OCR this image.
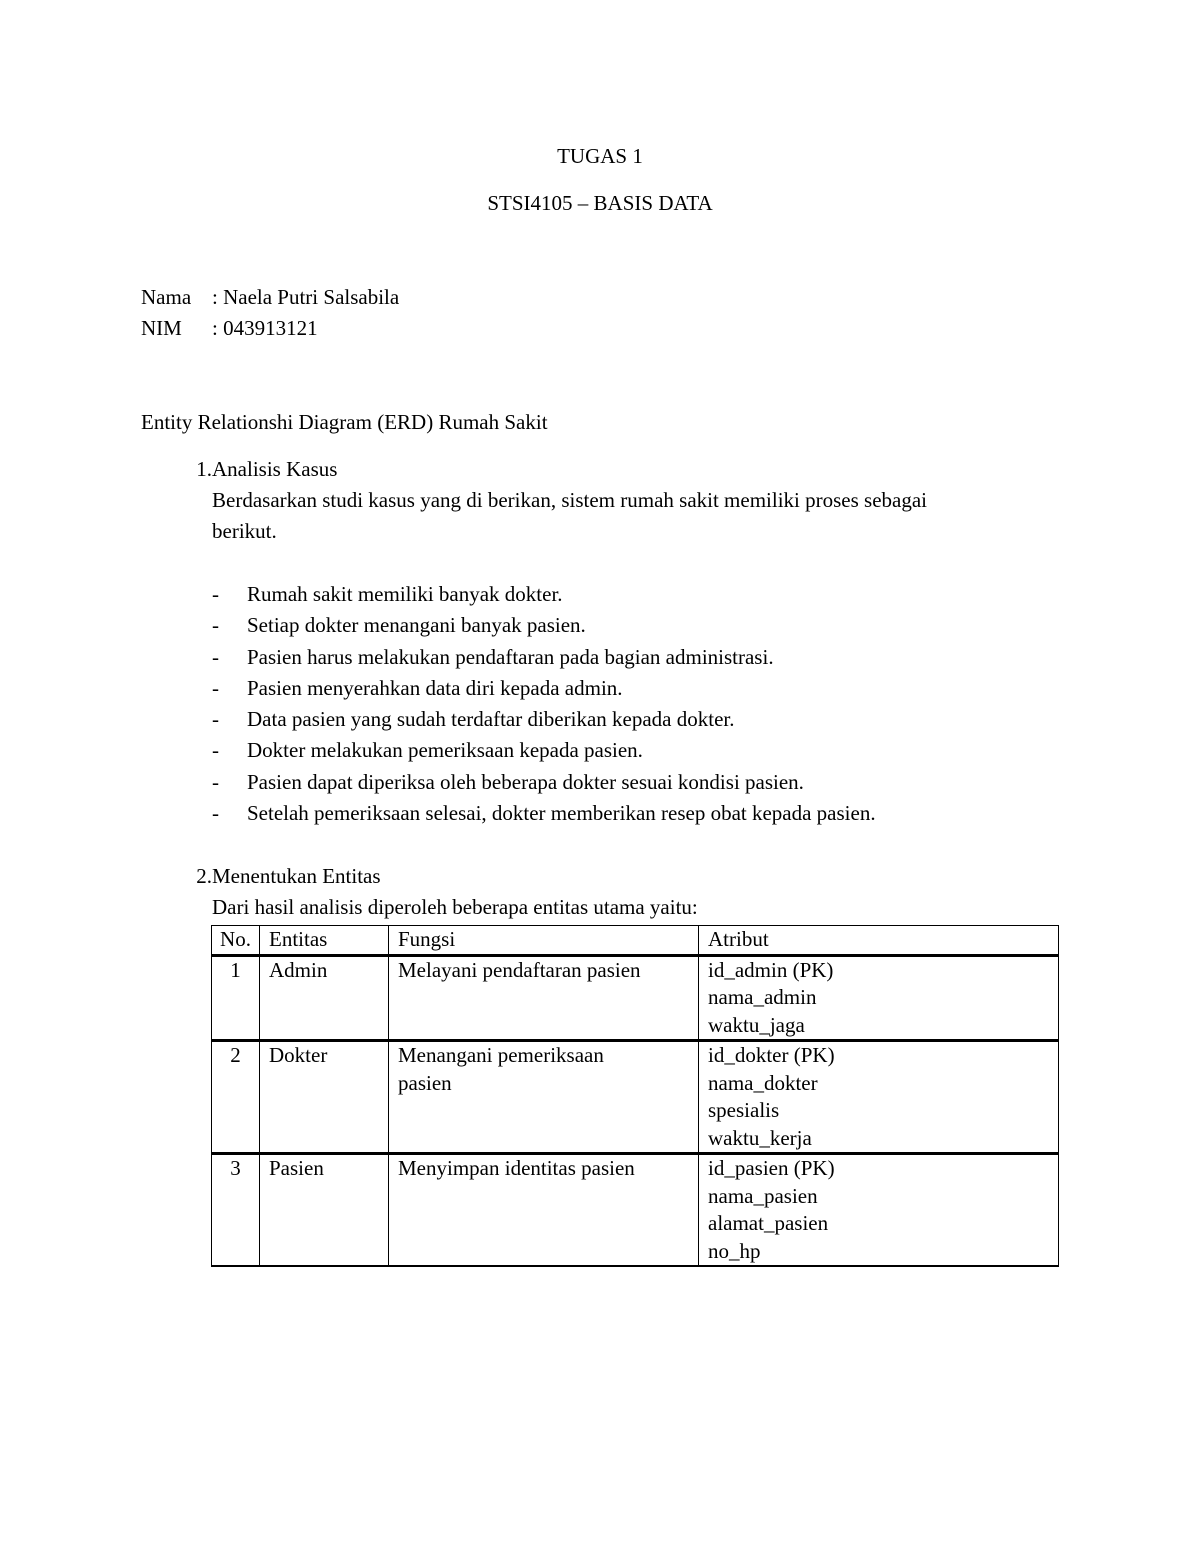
TUGAS 1
STSI4105 – BASIS DATA
Nama : Naela Putri Salsabila
NIM	: 043913121
Entity Relationshi Diagram (ERD) Rumah Sakit
1. Analisis Kasus
Berdasarkan studi kasus yang di berikan, sistem rumah sakit memiliki proses sebagai
berikut.
-	Rumah sakit memiliki banyak dokter.
-	Setiap dokter menangani banyak pasien.
-	Pasien harus melakukan pendaftaran pada bagian administrasi.
-	Pasien menyerahkan data diri kepada admin.
-	Data pasien yang sudah terdaftar diberikan kepada dokter.
-	Dokter melakukan pemeriksaan kepada pasien.
-	Pasien dapat diperiksa oleh beberapa dokter sesuai kondisi pasien.
-	Setelah pemeriksaan selesai, dokter memberikan resep obat kepada pasien.
2. Menentukan Entitas
Dari hasil analisis diperoleh beberapa entitas utama yaitu:
No.	Entitas	Fungsi	Atribut
1	Admin	Melayani pendaftaran pasien	id_admin (PK)
nama_admin
waktu_jaga

2	Dokter	Menangani pemeriksaan
pasien	id_dokter (PK)
nama_dokter
spesialis
waktu_kerja

3	Pasien	Menyimpan identitas pasien	id_pasien (PK)
nama_pasien
alamat_pasien
no_hp
